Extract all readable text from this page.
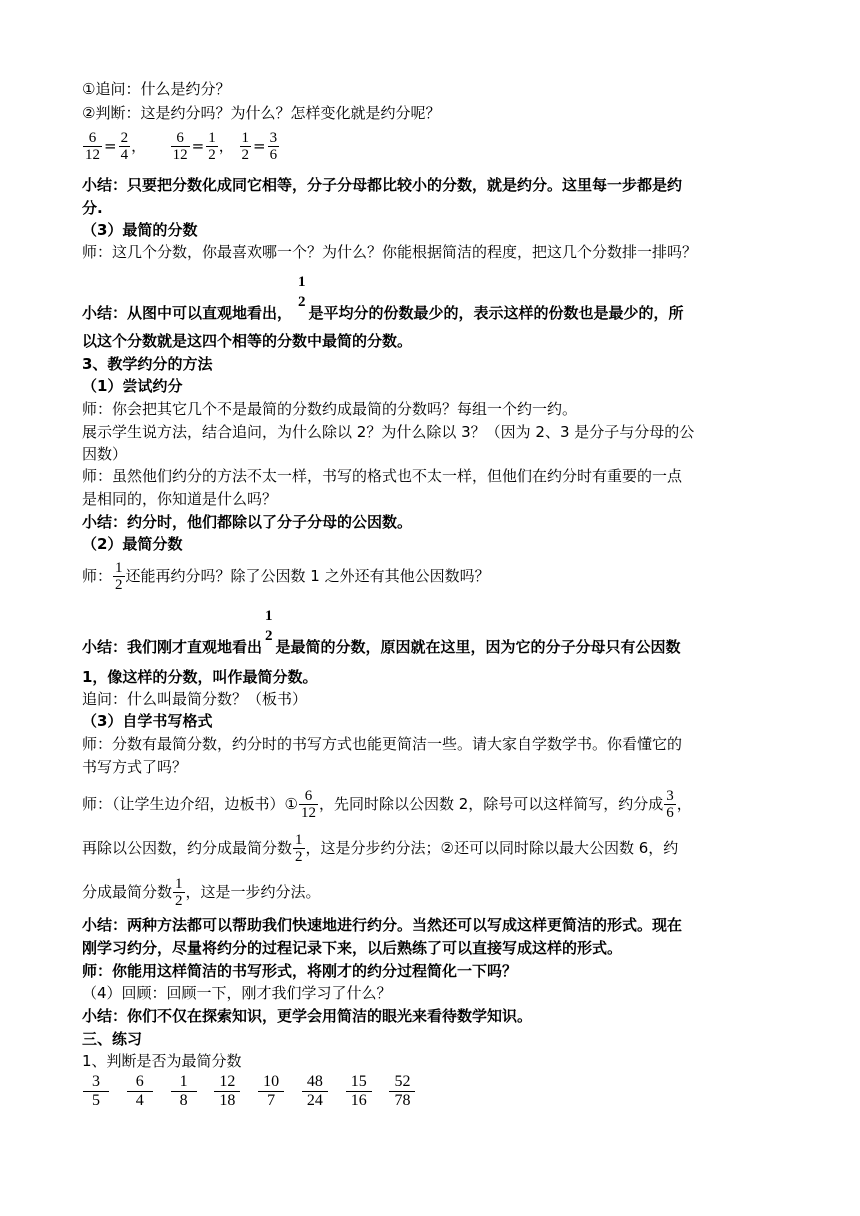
①追问：什么是约分？
②判断：这是约分吗？为什么？怎样变化就是约分呢？
$\frac{6}{12} = \frac{2}{4}$ ， $\frac{6}{12} = \frac{1}{2}$ ， $\frac{1}{2} = \frac{3}{6}$
小结：只要把分数化成同它相等，分子分母都比较小的分数，就是约分。这里每一步都是约
分.
（3）最简的分数
师：这几个分数，你最喜欢哪一个？为什么？你能根据简洁的程度，把这几个分数排一排吗？
小结：从图中可以直观地看出，
1
2
是平均分的份数最少的，表示这样的份数也是最少的，所
以这个分数就是这四个相等的分数中最简的分数。
3、教学约分的方法
（1）尝试约分
师：你会把其它几个不是最简的分数约成最简的分数吗？每组一个约一约。
展示学生说方法，结合追问，为什么除以 2？为什么除以 3？（因为 2、3 是分子与分母的公
因数）
师：虽然他们约分的方法不太一样，书写的格式也不太一样，但他们在约分时有重要的一点
是相同的，你知道是什么吗？
小结：约分时，他们都除以了分子分母的公因数。
（2）最简分数
师： $\frac{1}{2}$ 还能再约分吗？除了公因数 1 之外还有其他公因数吗？
小结：我们刚才直观地看出
1
2
是最简的分数，原因就在这里，因为它的分子分母只有公因数
1，像这样的分数，叫作最简分数。
追问：什么叫最简分数？（板书）
（3）自学书写格式
师：分数有最简分数，约分时的书写方式也能更简洁一些。请大家自学数学书。你看懂它的
书写方式了吗？
师：（让学生边介绍，边板书）① $\frac{6}{12}$ ，先同时除以公因数 2，除号可以这样简写，约分成 $\frac{3}{6}$ ，
再除以公因数，约分成最简分数 $\frac{1}{2}$ ，这是分步约分法；②还可以同时除以最大公因数 6，约
分成最简分数 $\frac{1}{2}$ ，这是一步约分法。
小结：两种方法都可以帮助我们快速地进行约分。当然还可以写成这样更简洁的形式。现在
刚学习约分，尽量将约分的过程记录下来，以后熟练了可以直接写成这样的形式。
师：你能用这样简洁的书写形式，将刚才的约分过程简化一下吗？
（4）回顾：回顾一下，刚才我们学习了什么？
小结：你们不仅在探索知识，更学会用简洁的眼光来看待数学知识。
三、练习
1、判断是否为最简分数
$\frac{3}{5}$
$\frac{6}{4}$
$\frac{1}{8}$
$\frac{12}{18}$
$\frac{10}{7}$
$\frac{48}{24}$
$\frac{15}{16}$
$\frac{52}{78}$
